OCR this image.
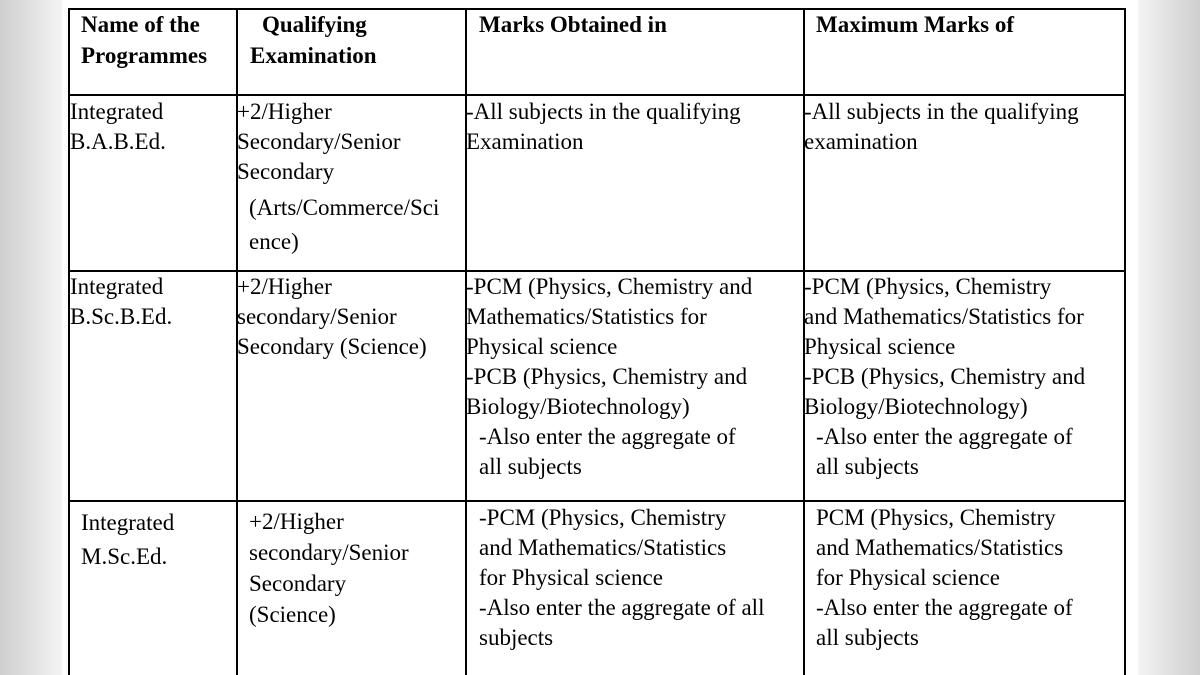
Name of the
Programmes
Qualifying
Examination
Marks Obtained in	Maximum Marks of
Integrated
B.A.B.Ed.
+2/Higher
Secondary/Senior
Secondary
(Arts/Commerce/Sci
ence)
-All subjects in the qualifying
Examination
-All subjects in the qualifying
examination
Integrated
B.Sc.B.Ed.
+2/Higher
secondary/Senior
Secondary (Science)
-PCM (Physics, Chemistry and
Mathematics/Statistics for
Physical science
-PCB (Physics, Chemistry and
Biology/Biotechnology)
-Also enter the aggregate of
all subjects
-PCM (Physics, Chemistry
and Mathematics/Statistics for
Physical science
-PCB (Physics, Chemistry and
Biology/Biotechnology)
-Also enter the aggregate of
all subjects
Integrated
M.Sc.Ed.
+2/Higher
secondary/Senior
Secondary
(Science)
-PCM (Physics, Chemistry
and Mathematics/Statistics
for Physical science
-Also enter the aggregate of all
subjects
PCM (Physics, Chemistry
and Mathematics/Statistics
for Physical science
-Also enter the aggregate of
all subjects
